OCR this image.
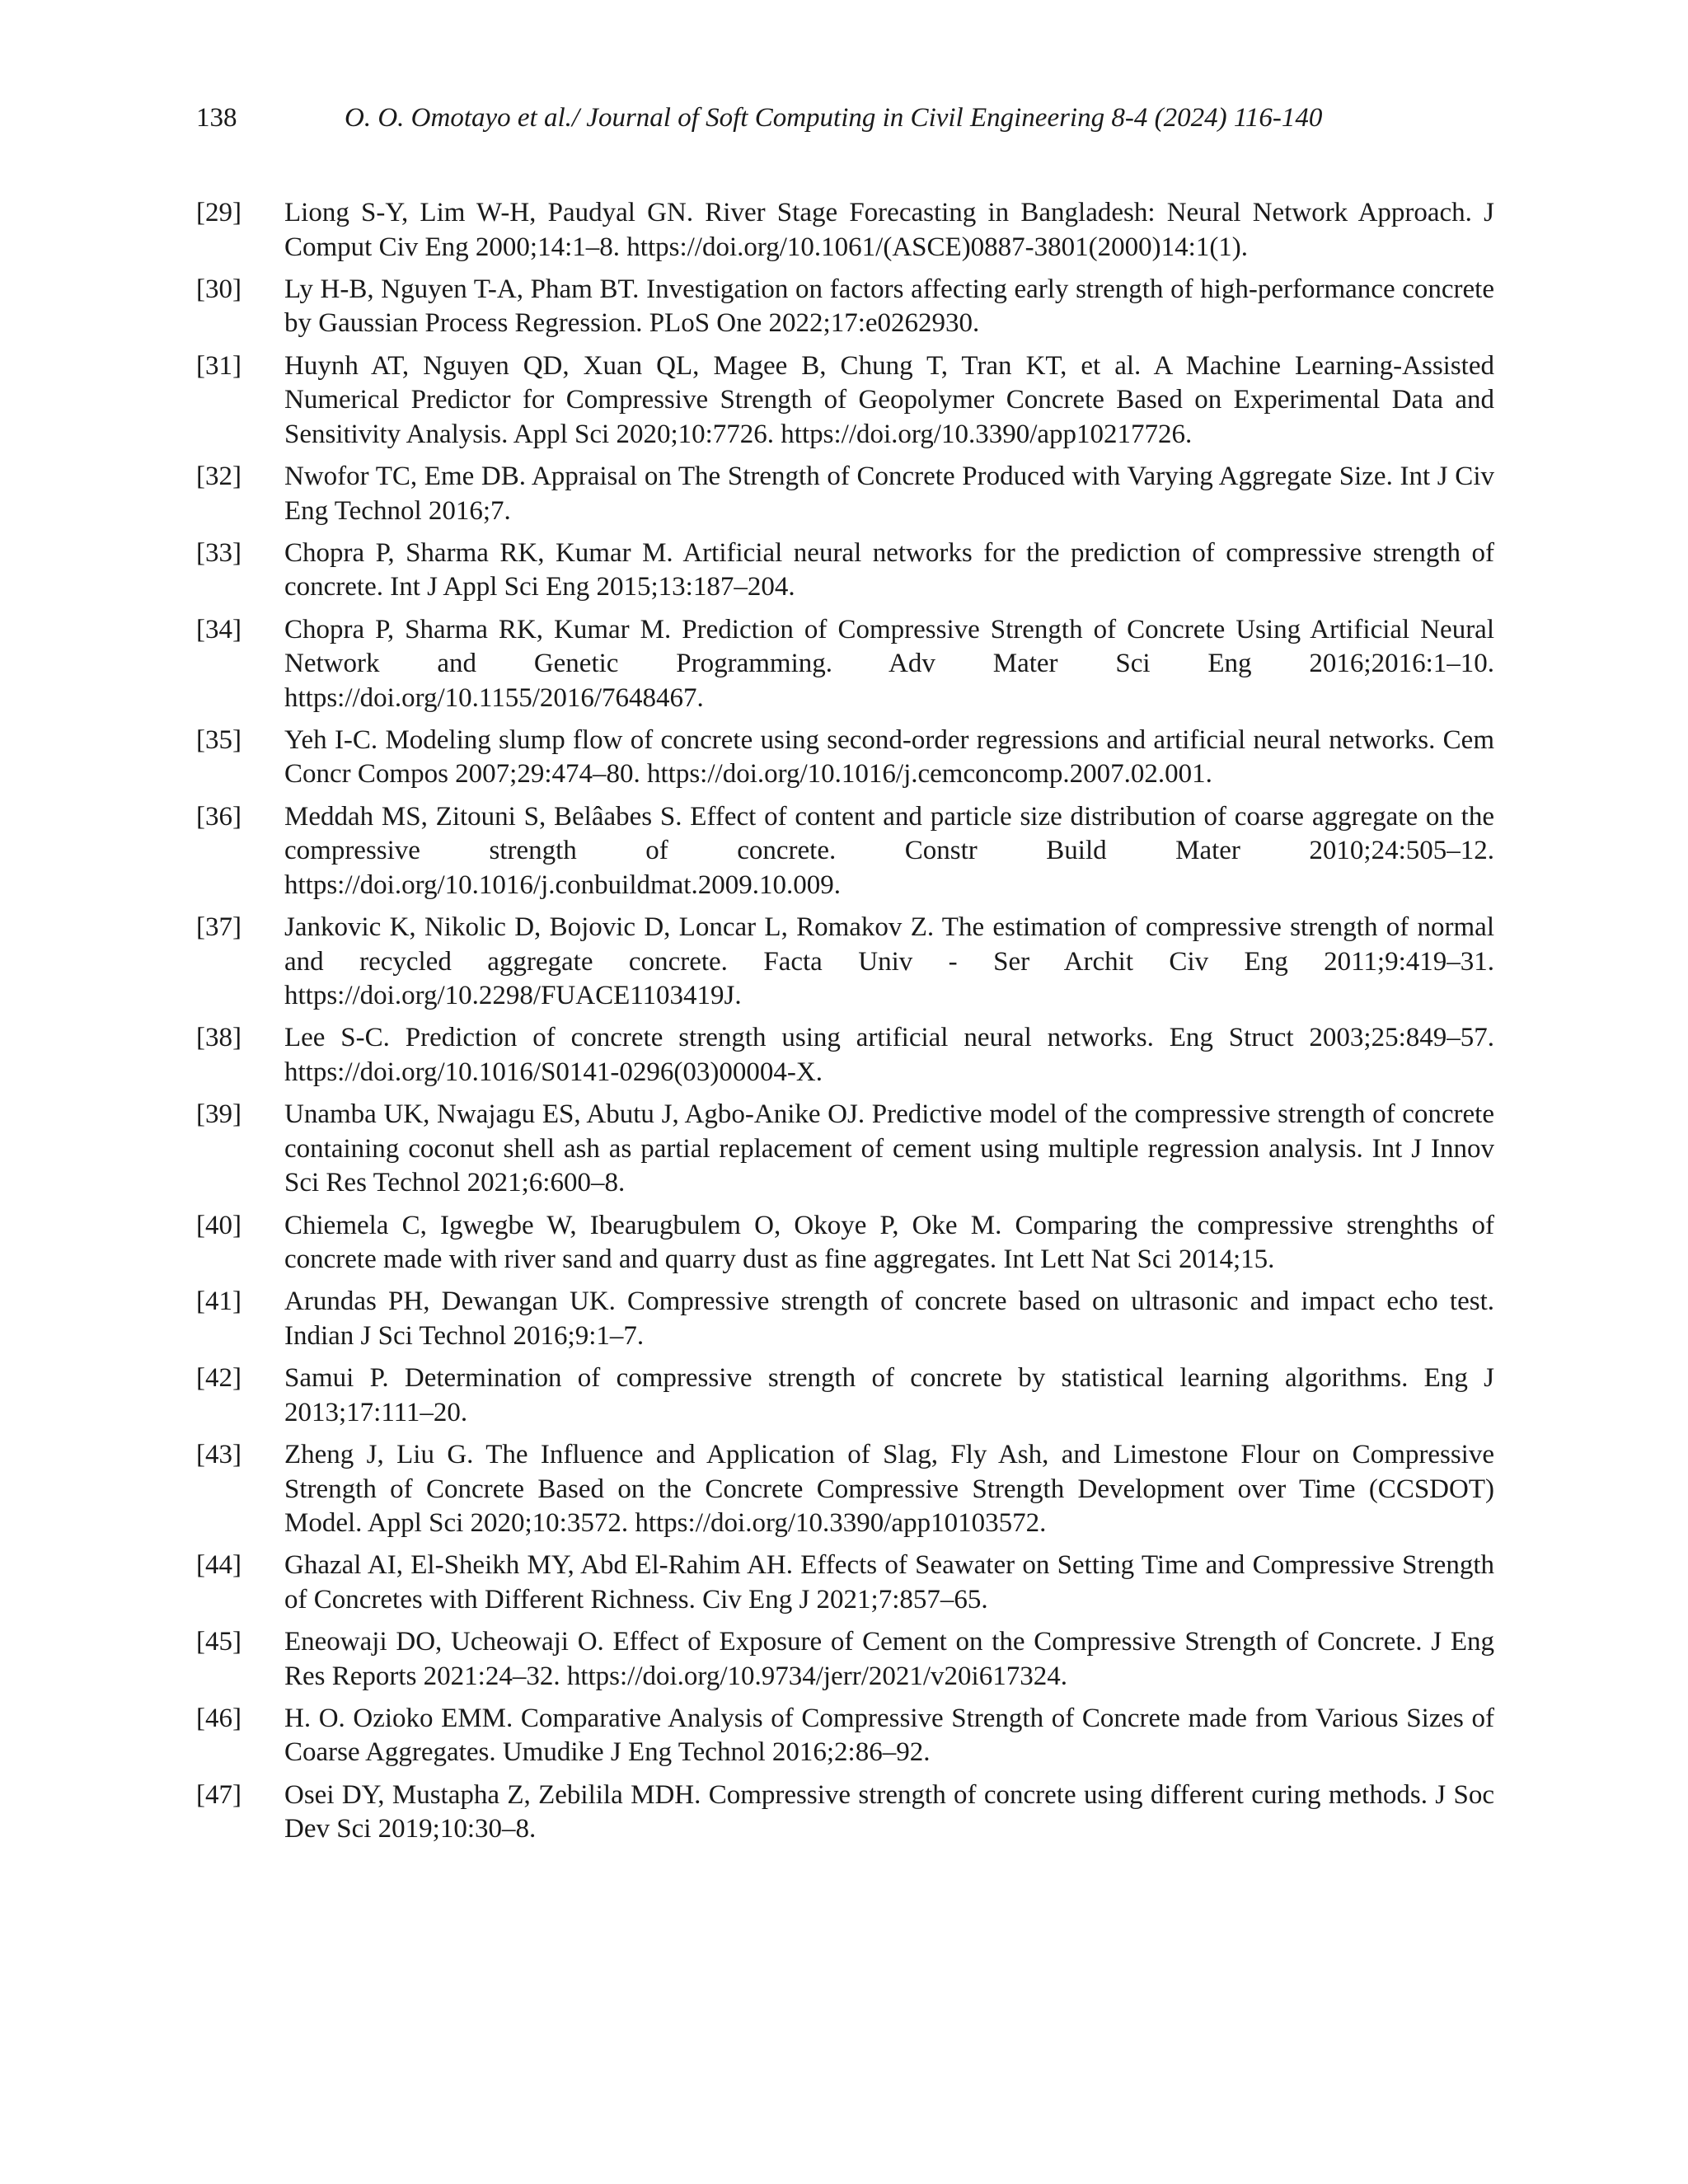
138	O. O. Omotayo et al./ Journal of Soft Computing in Civil Engineering 8-4 (2024) 116-140
[29] Liong S-Y, Lim W-H, Paudyal GN. River Stage Forecasting in Bangladesh: Neural Network Approach. J Comput Civ Eng 2000;14:1–8. https://doi.org/10.1061/(ASCE)0887-3801(2000)14:1(1).
[30] Ly H-B, Nguyen T-A, Pham BT. Investigation on factors affecting early strength of high-performance concrete by Gaussian Process Regression. PLoS One 2022;17:e0262930.
[31] Huynh AT, Nguyen QD, Xuan QL, Magee B, Chung T, Tran KT, et al. A Machine Learning-Assisted Numerical Predictor for Compressive Strength of Geopolymer Concrete Based on Experimental Data and Sensitivity Analysis. Appl Sci 2020;10:7726. https://doi.org/10.3390/app10217726.
[32] Nwofor TC, Eme DB. Appraisal on The Strength of Concrete Produced with Varying Aggregate Size. Int J Civ Eng Technol 2016;7.
[33] Chopra P, Sharma RK, Kumar M. Artificial neural networks for the prediction of compressive strength of concrete. Int J Appl Sci Eng 2015;13:187–204.
[34] Chopra P, Sharma RK, Kumar M. Prediction of Compressive Strength of Concrete Using Artificial Neural Network and Genetic Programming. Adv Mater Sci Eng 2016;2016:1–10. https://doi.org/10.1155/2016/7648467.
[35] Yeh I-C. Modeling slump flow of concrete using second-order regressions and artificial neural networks. Cem Concr Compos 2007;29:474–80. https://doi.org/10.1016/j.cemconcomp.2007.02.001.
[36] Meddah MS, Zitouni S, Belâabes S. Effect of content and particle size distribution of coarse aggregate on the compressive strength of concrete. Constr Build Mater 2010;24:505–12. https://doi.org/10.1016/j.conbuildmat.2009.10.009.
[37] Jankovic K, Nikolic D, Bojovic D, Loncar L, Romakov Z. The estimation of compressive strength of normal and recycled aggregate concrete. Facta Univ - Ser Archit Civ Eng 2011;9:419–31. https://doi.org/10.2298/FUACE1103419J.
[38] Lee S-C. Prediction of concrete strength using artificial neural networks. Eng Struct 2003;25:849–57. https://doi.org/10.1016/S0141-0296(03)00004-X.
[39] Unamba UK, Nwajagu ES, Abutu J, Agbo-Anike OJ. Predictive model of the compressive strength of concrete containing coconut shell ash as partial replacement of cement using multiple regression analysis. Int J Innov Sci Res Technol 2021;6:600–8.
[40] Chiemela C, Igwegbe W, Ibearugbulem O, Okoye P, Oke M. Comparing the compressive strenghths of concrete made with river sand and quarry dust as fine aggregates. Int Lett Nat Sci 2014;15.
[41] Arundas PH, Dewangan UK. Compressive strength of concrete based on ultrasonic and impact echo test. Indian J Sci Technol 2016;9:1–7.
[42] Samui P. Determination of compressive strength of concrete by statistical learning algorithms. Eng J 2013;17:111–20.
[43] Zheng J, Liu G. The Influence and Application of Slag, Fly Ash, and Limestone Flour on Compressive Strength of Concrete Based on the Concrete Compressive Strength Development over Time (CCSDOT) Model. Appl Sci 2020;10:3572. https://doi.org/10.3390/app10103572.
[44] Ghazal AI, El-Sheikh MY, Abd El-Rahim AH. Effects of Seawater on Setting Time and Compressive Strength of Concretes with Different Richness. Civ Eng J 2021;7:857–65.
[45] Eneowaji DO, Ucheowaji O. Effect of Exposure of Cement on the Compressive Strength of Concrete. J Eng Res Reports 2021:24–32. https://doi.org/10.9734/jerr/2021/v20i617324.
[46] H. O. Ozioko EMM. Comparative Analysis of Compressive Strength of Concrete made from Various Sizes of Coarse Aggregates. Umudike J Eng Technol 2016;2:86–92.
[47] Osei DY, Mustapha Z, Zebilila MDH. Compressive strength of concrete using different curing methods. J Soc Dev Sci 2019;10:30–8.
